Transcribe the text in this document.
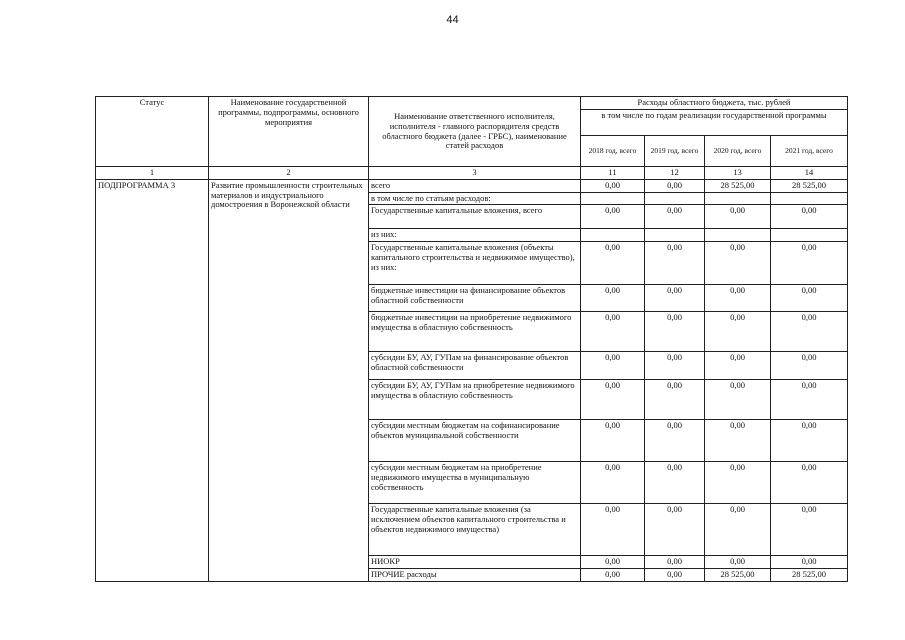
44
Статус	Наименование государственной программы, подпрограммы, основного мероприятия	Наименование ответственного исполнителя, исполнителя - главного распорядителя средств областного бюджета (далее - ГРБС), наименование статей расходов	Расходы областного бюджета, тыс. рублей			
			в том числе по годам реализации государственной программы			
			2018 год, всего	2019 год, всего	2020 год, всего	2021 год, всего
1	2	3	11	12	13	14
ПОДПРОГРАММА 3	Развитие промышленности строительных материалов и индустриального домостроения в Воронежской области	всего	0,00	0,00	28 525,00	28 525,00
		в том числе по статьям расходов:				
		Государственные капитальные вложения, всего	0,00	0,00	0,00	0,00
		из них:				
		Государственные капитальные вложения (объекты капитального строительства и недвижимое имущество), из них:	0,00	0,00	0,00	0,00
		бюджетные инвестиции на финансирование объектов областной собственности	0,00	0,00	0,00	0,00
		бюджетные инвестиции на приобретение недвижимого имущества в областную собственность	0,00	0,00	0,00	0,00
		субсидии БУ, АУ, ГУПам на финансирование объектов областной собственности	0,00	0,00	0,00	0,00
		субсидии БУ, АУ, ГУПам на приобретение недвижимого имущества в областную собственность	0,00	0,00	0,00	0,00
		субсидии местным бюджетам на софинансирование объектов муниципальной собственности	0,00	0,00	0,00	0,00
		субсидии местным бюджетам на приобретение недвижимого имущества в муниципальную собственность	0,00	0,00	0,00	0,00
		Государственные капитальные вложения (за исключением объектов капитального строительства и объектов недвижимого имущества)	0,00	0,00	0,00	0,00
		НИОКР	0,00	0,00	0,00	0,00
		ПРОЧИЕ расходы	0,00	0,00	28 525,00	28 525,00
